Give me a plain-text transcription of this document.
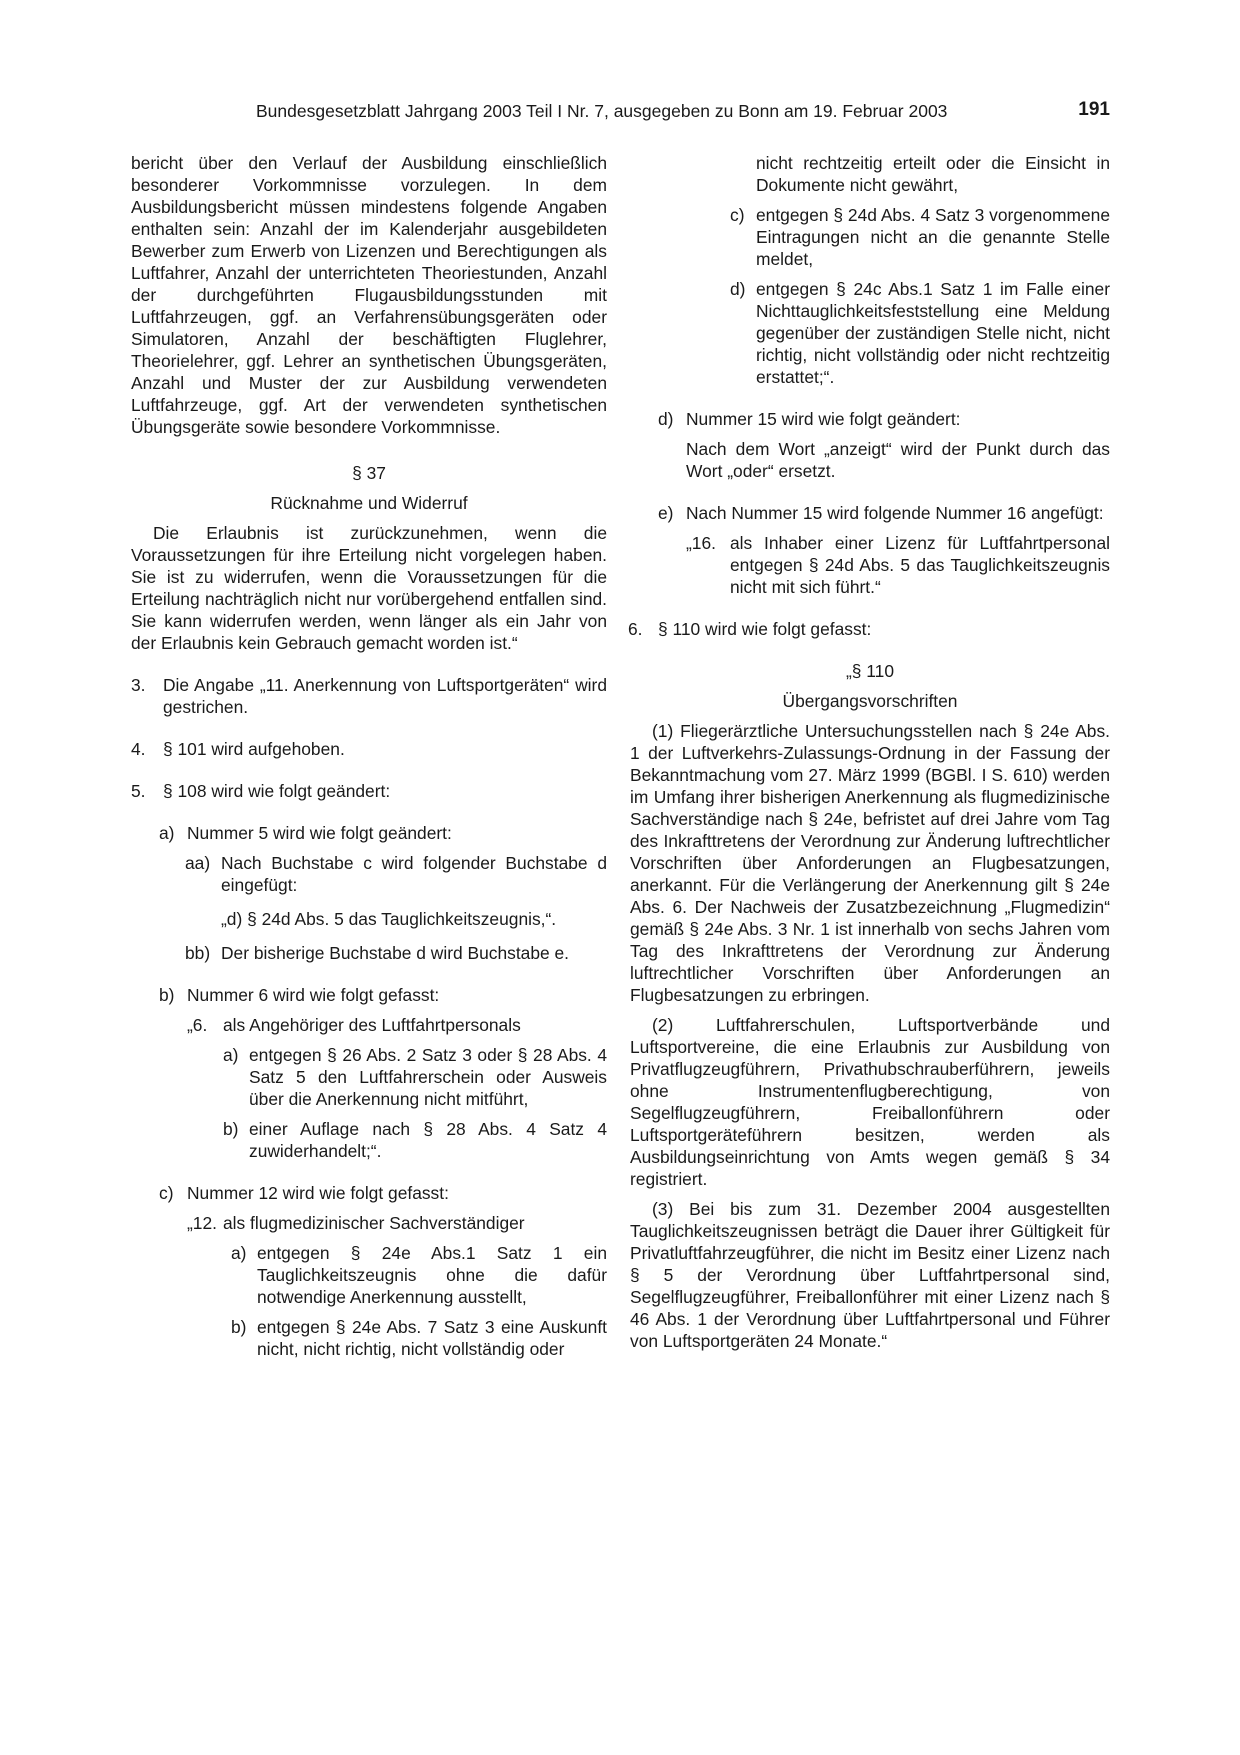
Bundesgesetzblatt Jahrgang 2003 Teil I Nr. 7, ausgegeben zu Bonn am 19. Februar 2003	191

bericht über den Verlauf der Ausbildung einschließlich besonderer Vorkommnisse vorzulegen. In dem Ausbildungsbericht müssen mindestens folgende Angaben enthalten sein: Anzahl der im Kalenderjahr ausgebildeten Bewerber zum Erwerb von Lizenzen und Berechtigungen als Luftfahrer, Anzahl der unterrichteten Theoriestunden, Anzahl der durchgeführten Flugausbildungsstunden mit Luftfahrzeugen, ggf. an Verfahrensübungsgeräten oder Simulatoren, Anzahl der beschäftigten Fluglehrer, Theorielehrer, ggf. Lehrer an synthetischen Übungsgeräten, Anzahl und Muster der zur Ausbildung verwendeten Luftfahrzeuge, ggf. Art der verwendeten synthetischen Übungsgeräte sowie besondere Vorkommnisse.

§ 37

Rücknahme und Widerruf

Die Erlaubnis ist zurückzunehmen, wenn die Voraussetzungen für ihre Erteilung nicht vorgelegen haben. Sie ist zu widerrufen, wenn die Voraussetzungen für die Erteilung nachträglich nicht nur vorübergehend entfallen sind. Sie kann widerrufen werden, wenn länger als ein Jahr von der Erlaubnis kein Gebrauch gemacht worden ist.“

3.	Die Angabe „11. Anerkennung von Luftsportgeräten“ wird gestrichen.
4.	§ 101 wird aufgehoben.
5.	§ 108 wird wie folgt geändert:
a) Nummer 5 wird wie folgt geändert:
aa) Nach Buchstabe c wird folgender Buchstabe d eingefügt:

„d) § 24d Abs. 5 das Tauglichkeitszeugnis,“.

bb) Der bisherige Buchstabe d wird Buchstabe e.
b) Nummer 6 wird wie folgt gefasst:
„6. als Angehöriger des Luftfahrtpersonals
a) entgegen § 26 Abs. 2 Satz 3 oder § 28 Abs. 4 Satz 5 den Luftfahrerschein oder Ausweis über die Anerkennung nicht mitführt,
b) einer Auflage nach § 28 Abs. 4 Satz 4 zuwiderhandelt;“.
c) Nummer 12 wird wie folgt gefasst:
„12. als flugmedizinischer Sachverständiger
a) entgegen § 24e Abs.1 Satz 1 ein Tauglichkeitszeugnis ohne die dafür notwendige Anerkennung ausstellt,
b) entgegen § 24e Abs. 7 Satz 3 eine Auskunft nicht, nicht richtig, nicht vollständig oder

nicht rechtzeitig erteilt oder die Einsicht in Dokumente nicht gewährt,

c) entgegen § 24d Abs. 4 Satz 3 vorgenommene Eintragungen nicht an die genannte Stelle meldet,
d) entgegen § 24c Abs.1 Satz 1 im Falle einer Nichttauglichkeitsfeststellung eine Meldung gegenüber der zuständigen Stelle nicht, nicht richtig, nicht vollständig oder nicht rechtzeitig erstattet;“.
d) Nummer 15 wird wie folgt geändert:

Nach dem Wort „anzeigt“ wird der Punkt durch das Wort „oder“ ersetzt.

e) Nach Nummer 15 wird folgende Nummer 16 angefügt:
„16. als Inhaber einer Lizenz für Luftfahrtpersonal entgegen § 24d Abs. 5 das Tauglichkeitszeugnis nicht mit sich führt.“
6. § 110 wird wie folgt gefasst:

„§ 110

Übergangsvorschriften

(1) Fliegerärztliche Untersuchungsstellen nach § 24e Abs. 1 der Luftverkehrs-Zulassungs-Ordnung in der Fassung der Bekanntmachung vom 27. März 1999 (BGBl. I S. 610) werden im Umfang ihrer bisherigen Anerkennung als flugmedizinische Sachverständige nach § 24e, befristet auf drei Jahre vom Tag des Inkrafttretens der Verordnung zur Änderung luftrechtlicher Vorschriften über Anforderungen an Flugbesatzungen, anerkannt. Für die Verlängerung der Anerkennung gilt § 24e Abs. 6. Der Nachweis der Zusatzbezeichnung „Flugmedizin“ gemäß § 24e Abs. 3 Nr. 1 ist innerhalb von sechs Jahren vom Tag des Inkrafttretens der Verordnung zur Änderung luftrechtlicher Vorschriften über Anforderungen an Flugbesatzungen zu erbringen.

(2) Luftfahrerschulen, Luftsportverbände und Luftsportvereine, die eine Erlaubnis zur Ausbildung von Privatflugzeugführern, Privathubschrauberführern, jeweils ohne Instrumentenflugberechtigung, von Segelflugzeugführern, Freiballonführern oder Luftsportgeräteführern besitzen, werden als Ausbildungseinrichtung von Amts wegen gemäß § 34 registriert.

(3) Bei bis zum 31. Dezember 2004 ausgestellten Tauglichkeitszeugnissen beträgt die Dauer ihrer Gültigkeit für Privatluftfahrzeugführer, die nicht im Besitz einer Lizenz nach § 5 der Verordnung über Luftfahrtpersonal sind, Segelflugzeugführer, Freiballonführer mit einer Lizenz nach § 46 Abs. 1 der Verordnung über Luftfahrtpersonal und Führer von Luftsportgeräten 24 Monate.“
